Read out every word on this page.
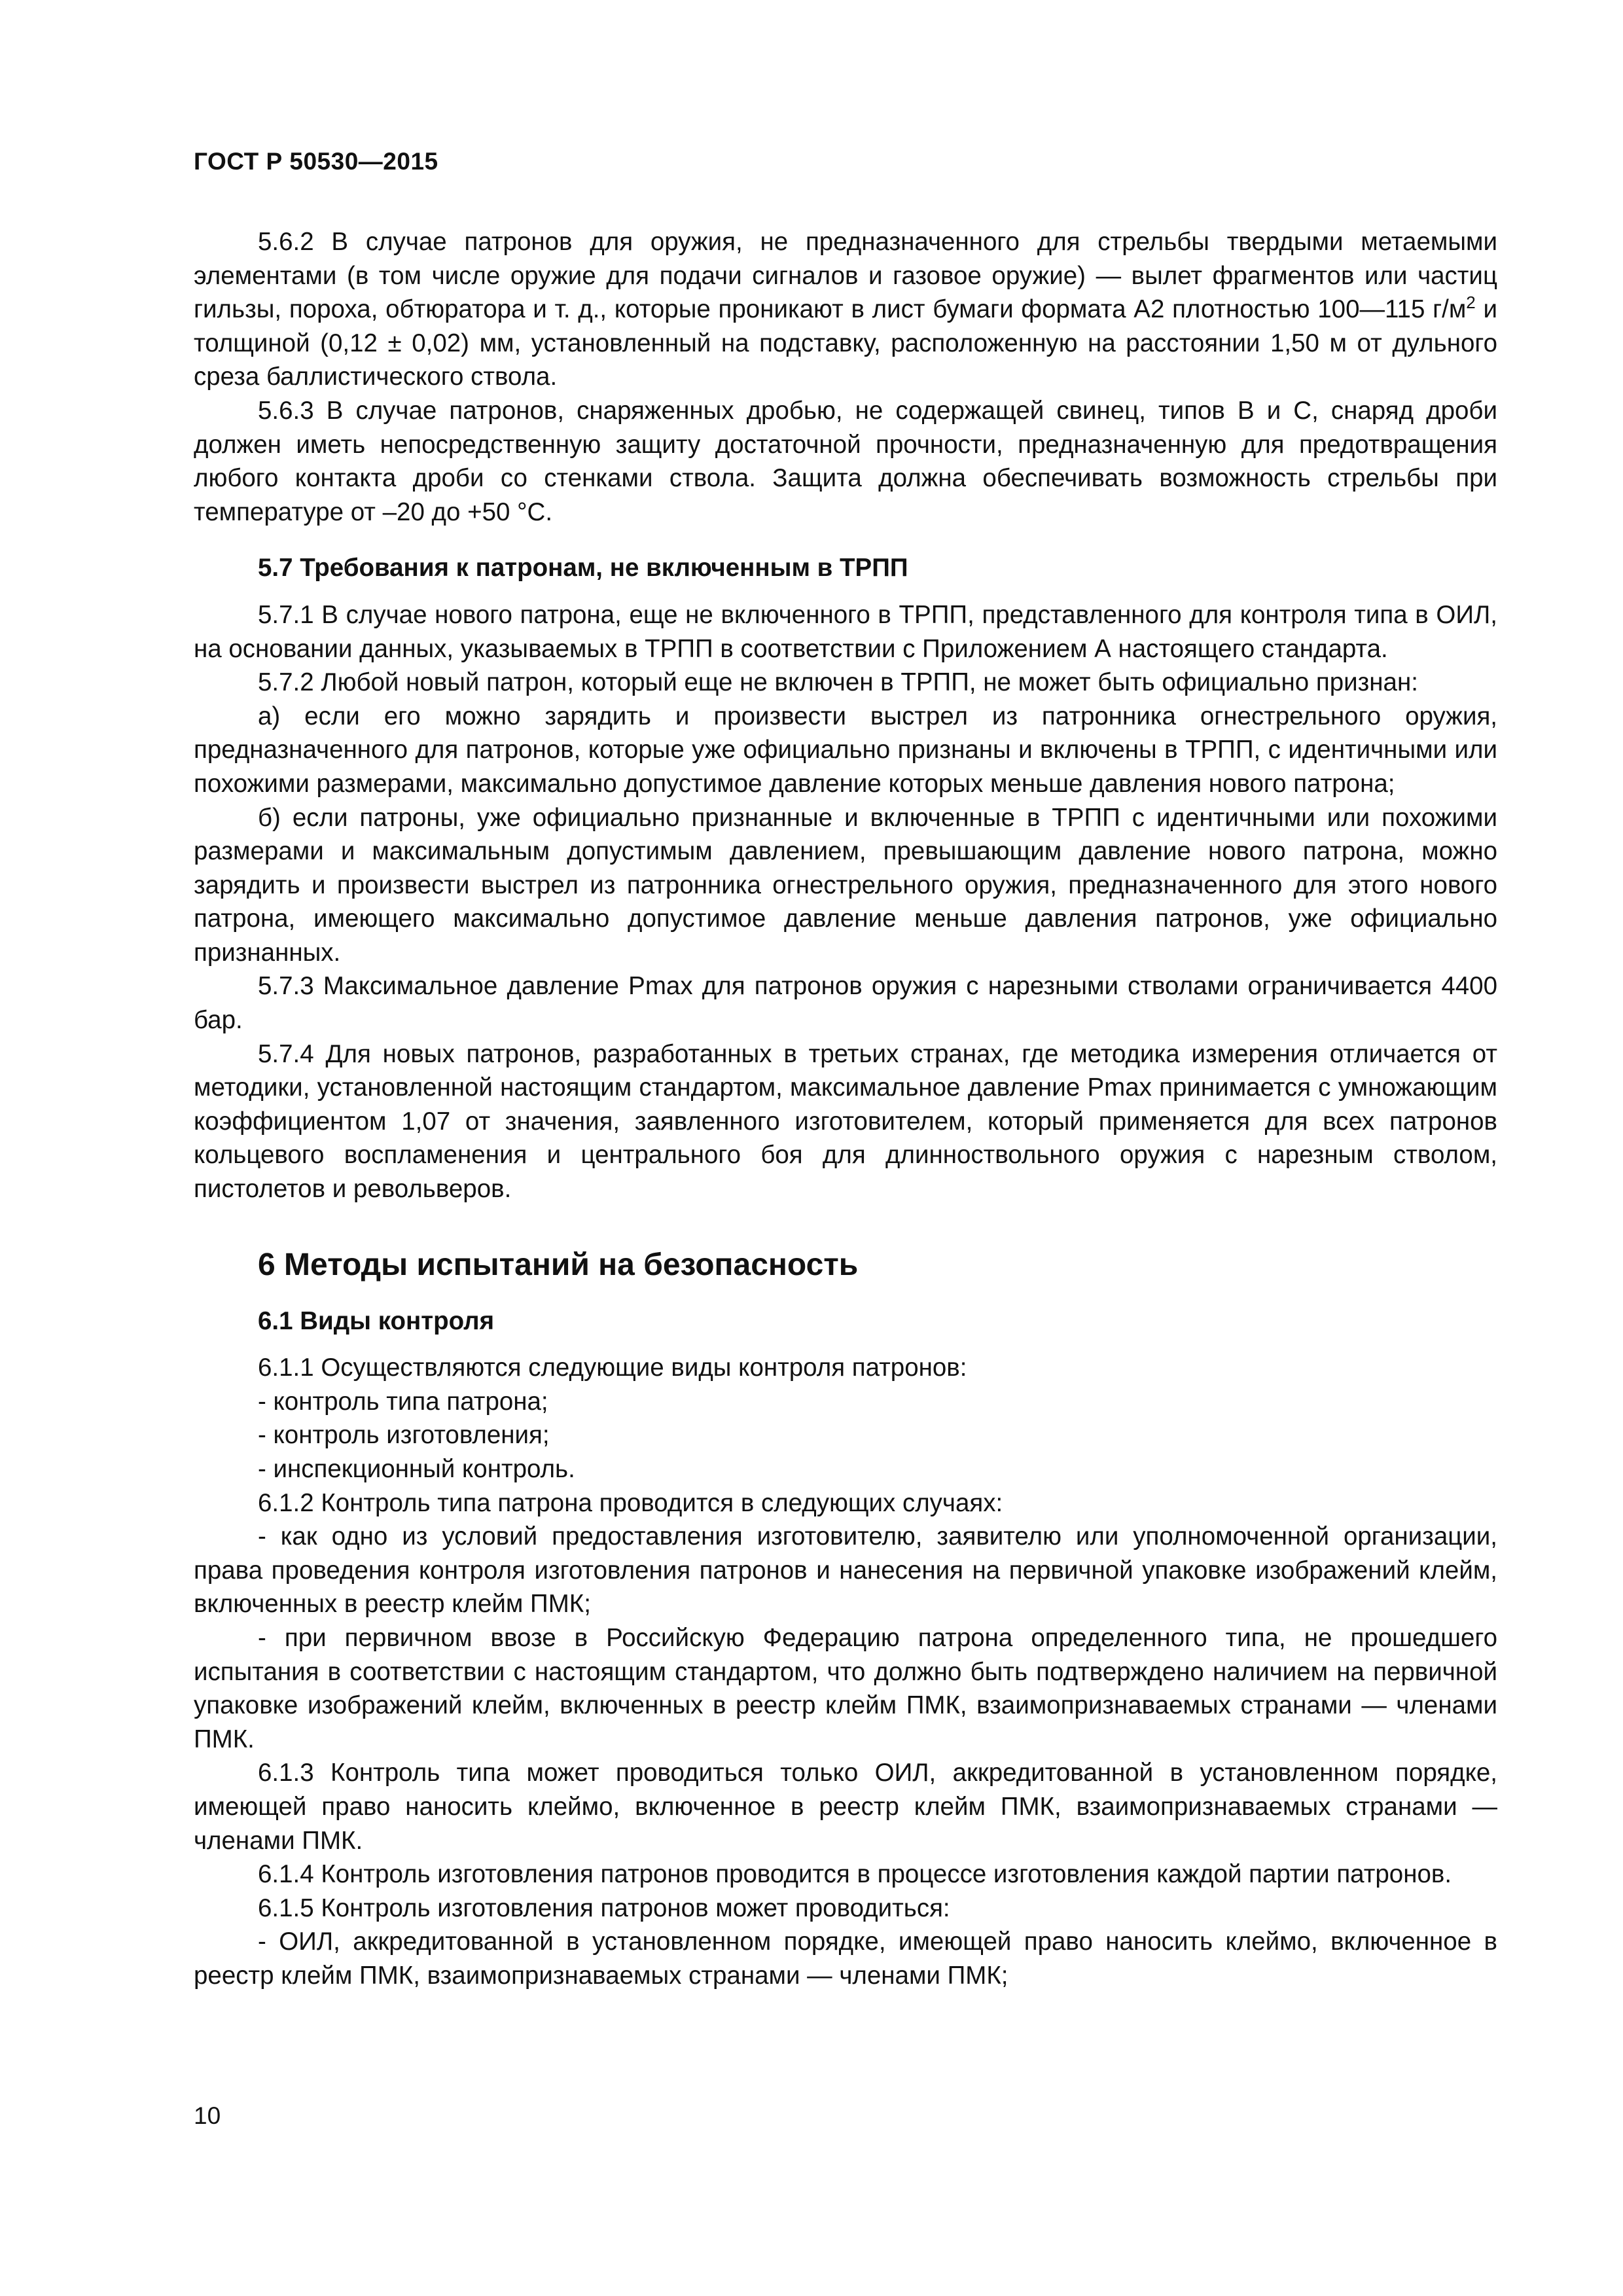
ГОСТ Р 50530—2015

5.6.2 В случае патронов для оружия, не предназначенного для стрельбы твердыми метаемыми элементами (в том числе оружие для подачи сигналов и газовое оружие) — вылет фрагментов или частиц гильзы, пороха, обтюратора и т. д., которые проникают в лист бумаги формата А2 плотностью 100—115 $г/м^2$ и толщиной (0,12 ± 0,02) мм, установленный на подставку, расположенную на расстоянии 1,50 м от дульного среза баллистического ствола.

5.6.3 В случае патронов, снаряженных дробью, не содержащей свинец, типов B и C, снаряд дроби должен иметь непосредственную защиту достаточной прочности, предназначенную для предотвращения любого контакта дроби со стенками ствола. Защита должна обеспечивать возможность стрельбы при температуре от –20 до +50 °С.

5.7 Требования к патронам, не включенным в ТРПП

5.7.1 В случае нового патрона, еще не включенного в ТРПП, представленного для контроля типа в ОИЛ, на основании данных, указываемых в ТРПП в соответствии с Приложением А настоящего стандарта.

5.7.2 Любой новый патрон, который еще не включен в ТРПП, не может быть официально признан:

а) если его можно зарядить и произвести выстрел из патронника огнестрельного оружия, предназначенного для патронов, которые уже официально признаны и включены в ТРПП, с идентичными или похожими размерами, максимально допустимое давление которых меньше давления нового патрона;

б) если патроны, уже официально признанные и включенные в ТРПП с идентичными или похожими размерами и максимальным допустимым давлением, превышающим давление нового патрона, можно зарядить и произвести выстрел из патронника огнестрельного оружия, предназначенного для этого нового патрона, имеющего максимально допустимое давление меньше давления патронов, уже официально признанных.

5.7.3 Максимальное давление Pmax для патронов оружия с нарезными стволами ограничивается 4400 бар.

5.7.4 Для новых патронов, разработанных в третьих странах, где методика измерения отличается от методики, установленной настоящим стандартом, максимальное давление Pmax принимается с умножающим коэффициентом 1,07 от значения, заявленного изготовителем, который применяется для всех патронов кольцевого воспламенения и центрального боя для длинноствольного оружия с нарезным стволом, пистолетов и револьверов.

6 Методы испытаний на безопасность
6.1 Виды контроля

6.1.1 Осуществляются следующие виды контроля патронов:

- контроль типа патрона;

- контроль изготовления;

- инспекционный контроль.

6.1.2 Контроль типа патрона проводится в следующих случаях:

- как одно из условий предоставления изготовителю, заявителю или уполномоченной организации, права проведения контроля изготовления патронов и нанесения на первичной упаковке изображений клейм, включенных в реестр клейм ПМК;

- при первичном ввозе в Российскую Федерацию патрона определенного типа, не прошедшего испытания в соответствии с настоящим стандартом, что должно быть подтверждено наличием на первичной упаковке изображений клейм, включенных в реестр клейм ПМК, взаимопризнаваемых странами — членами ПМК.

6.1.3 Контроль типа может проводиться только ОИЛ, аккредитованной в установленном порядке, имеющей право наносить клеймо, включенное в реестр клейм ПМК, взаимопризнаваемых странами — членами ПМК.

6.1.4 Контроль изготовления патронов проводится в процессе изготовления каждой партии патронов.

6.1.5 Контроль изготовления патронов может проводиться:

- ОИЛ, аккредитованной в установленном порядке, имеющей право наносить клеймо, включенное в реестр клейм ПМК, взаимопризнаваемых странами — членами ПМК;

10
